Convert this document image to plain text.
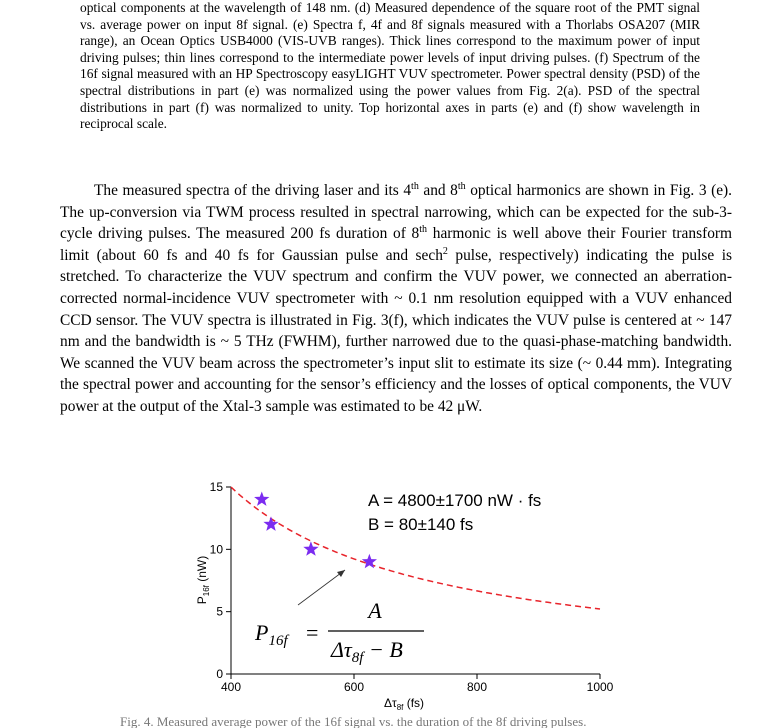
optical components at the wavelength of 148 nm. (d) Measured dependence of the square root of the PMT signal vs. average power on input 8f signal. (e) Spectra f, 4f and 8f signals measured with a Thorlabs OSA207 (MIR range), an Ocean Optics USB4000 (VIS-UVB ranges). Thick lines correspond to the maximum power of input driving pulses; thin lines correspond to the intermediate power levels of input driving pulses. (f) Spectrum of the 16f signal measured with an HP Spectroscopy easyLIGHT VUV spectrometer. Power spectral density (PSD) of the spectral distributions in part (e) was normalized using the power values from Fig. 2(a). PSD of the spectral distributions in part (f) was normalized to unity. Top horizontal axes in parts (e) and (f) show wavelength in reciprocal scale.

The measured spectra of the driving laser and its 4th and 8th optical harmonics are shown in Fig. 3 (e). The up-conversion via TWM process resulted in spectral narrowing, which can be expected for the sub-3-cycle driving pulses. The measured 200 fs duration of 8th harmonic is well above their Fourier transform limit (about 60 fs and 40 fs for Gaussian pulse and sech$^2$ pulse, respectively) indicating the pulse is stretched. To characterize the VUV spectrum and confirm the VUV power, we connected an aberration-corrected normal-incidence VUV spectrometer with ~ 0.1 nm resolution equipped with a VUV enhanced CCD sensor. The VUV spectra is illustrated in Fig. 3(f), which indicates the VUV pulse is centered at ~ 147 nm and the bandwidth is ~ 5 THz (FWHM), further narrowed due to the quasi-phase-matching bandwidth. We scanned the VUV beam across the spectrometer’s input slit to estimate its size (~ 0.44 mm). Integrating the spectral power and accounting for the sensor’s efficiency and the losses of optical components, the VUV power at the output of the Xtal-3 sample was estimated to be 42 μW.

400	600	800	1000
0
5
10
15
$\Delta\tau_{8f}$ (fs)
$P_{16f}$ (nW)
A = 4800±1700 nW · fs
B = 80±140 fs
$P_{16f}$ =
A
$\Delta\tau_{8f} - B$
Fig. 4. Measured average power of the 16f signal vs. the duration of the 8f driving pulses.
